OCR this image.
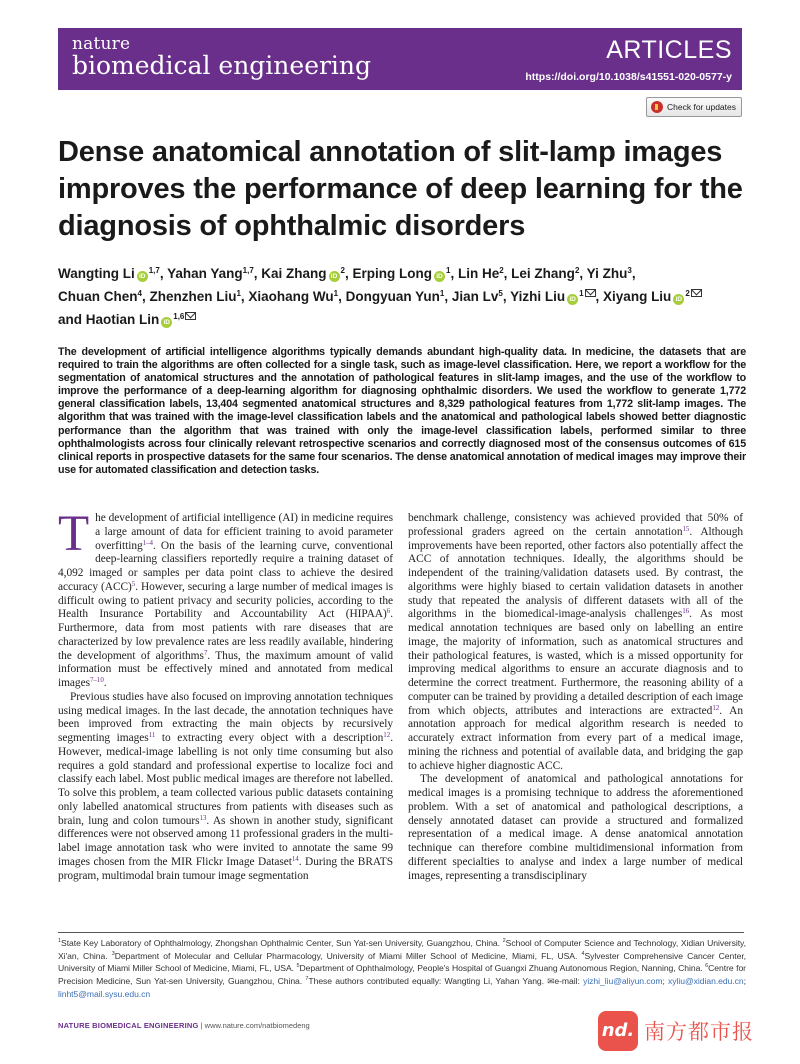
nature
biomedical engineering
ARTICLES
https://doi.org/10.1038/s41551-020-0577-y
Check for updates
Dense anatomical annotation of slit-lamp images improves the performance of deep learning for the diagnosis of ophthalmic disorders
Wangting Li iD$^{1,7}$, Yahan Yang$^{1,7}$, Kai Zhang $iD^2$, Erping Long $iD^1$, Lin He$^2$, Lei Zhang$^2$, Yi Zhu$^3$,
Chuan Chen$^4$, Zhenzhen Liu$^1$, Xiaohang Wu$^1$, Dongyuan Yun$^1$, Jian Lv$^5$, Yizhi Liu $iD^1$ , Xiyang Liu $iD^2$
and Haotian Lin iD$^{1,6}$

The development of artificial intelligence algorithms typically demands abundant high-quality data. In medicine, the datasets that are required to train the algorithms are often collected for a single task, such as image-level classification. Here, we report a workflow for the segmentation of anatomical structures and the annotation of pathological features in slit-lamp images, and the use of the workflow to improve the performance of a deep-learning algorithm for diagnosing ophthalmic disorders. We used the workflow to generate 1,772 general classification labels, 13,404 segmented anatomical structures and 8,329 pathological features from 1,772 slit-lamp images. The algorithm that was trained with the image-level classification labels and the anatomical and pathological labels showed better diagnostic performance than the algorithm that was trained with only the image-level classification labels, performed similar to three ophthalmologists across four clinically relevant retrospective scenarios and correctly diagnosed most of the consensus outcomes of 615 clinical reports in prospective datasets for the same four scenarios. The dense anatomical annotation of medical images may improve their use for automated classification and detection tasks.

The development of artificial intelligence (AI) in medicine requires a large amount of data for efficient training to avoid parameter overfitting$^{1-4}$. On the basis of the learning curve, conventional deep-learning classifiers reportedly require a training dataset of 4,092 imaged or samples per data point class to achieve the desired accuracy (ACC)$^5$. However, securing a large number of medical images is difficult owing to patient privacy and security policies, according to the Health Insurance Portability and Accountability Act (HIPAA)$^6$. Furthermore, data from most patients with rare diseases that are characterized by low prevalence rates are less readily available, hindering the development of algorithms$^7$. Thus, the maximum amount of valid information must be effectively mined and annotated from medical images$^{7-10}$.

Previous studies have also focused on improving annotation techniques using medical images. In the last decade, the annotation techniques have been improved from extracting the main objects by recursively segmenting images$^{11}$ to extracting every object with a description$^{12}$. However, medical-image labelling is not only time consuming but also requires a gold standard and professional expertise to localize foci and classify each label. Most public medical images are therefore not labelled. To solve this problem, a team collected various public datasets containing only labelled anatomical structures from patients with diseases such as brain, lung and colon tumours$^{13}$. As shown in another study, significant differences were not observed among 11 professional graders in the multi-label image annotation task who were invited to annotate the same 99 images chosen from the MIR Flickr Image Dataset$^{14}$. During the BRATS program, multimodal brain tumour image segmentation

benchmark challenge, consistency was achieved provided that 50% of professional graders agreed on the certain annotation$^{15}$. Although improvements have been reported, other factors also potentially affect the ACC of annotation techniques. Ideally, the algorithms should be independent of the training/validation datasets used. By contrast, the algorithms were highly biased to certain validation datasets in another study that repeated the analysis of different datasets with all of the algorithms in the biomedical-image-analysis challenges$^{16}$. As most medical annotation techniques are based only on labelling an entire image, the majority of information, such as anatomical structures and their pathological features, is wasted, which is a missed opportunity for improving medical algorithms to ensure an accurate diagnosis and to determine the correct treatment. Furthermore, the reasoning ability of a computer can be trained by providing a detailed description of each image from which objects, attributes and interactions are extracted$^{12}$. An annotation approach for medical algorithm research is needed to accurately extract information from every part of a medical image, mining the richness and potential of available data, and bridging the gap to achieve higher diagnostic ACC.

The development of anatomical and pathological annotations for medical images is a promising technique to address the aforementioned problem. With a set of anatomical and pathological descriptions, a densely annotated dataset can provide a structured and formalized representation of a medical image. A dense anatomical annotation technique can therefore combine multidimensional information from different specialties to analyse and index a large number of medical images, representing a transdisciplinary

$^1$State Key Laboratory of Ophthalmology, Zhongshan Ophthalmic Center, Sun Yat-sen University, Guangzhou, China. $^2$School of Computer Science and Technology, Xidian University, Xi'an, China. $^3$Department of Molecular and Cellular Pharmacology, University of Miami Miller School of Medicine, Miami, FL, USA. $^4$Sylvester Comprehensive Cancer Center, University of Miami Miller School of Medicine, Miami, FL, USA. $^5$Department of Ophthalmology, People's Hospital of Guangxi Zhuang Autonomous Region, Nanning, China. $^6$Centre for Precision Medicine, Sun Yat-sen University, Guangzhou, China. $^7$These authors contributed equally: Wangting Li, Yahan Yang. ✉e-mail: yizhi_liu@aliyun.com; xyliu@xidian.edu.cn; linht5@mail.sysu.edu.cn
NATURE BIOMEDICAL ENGINEERING | www.nature.com/natbiomedeng	nd. 南方都市报
